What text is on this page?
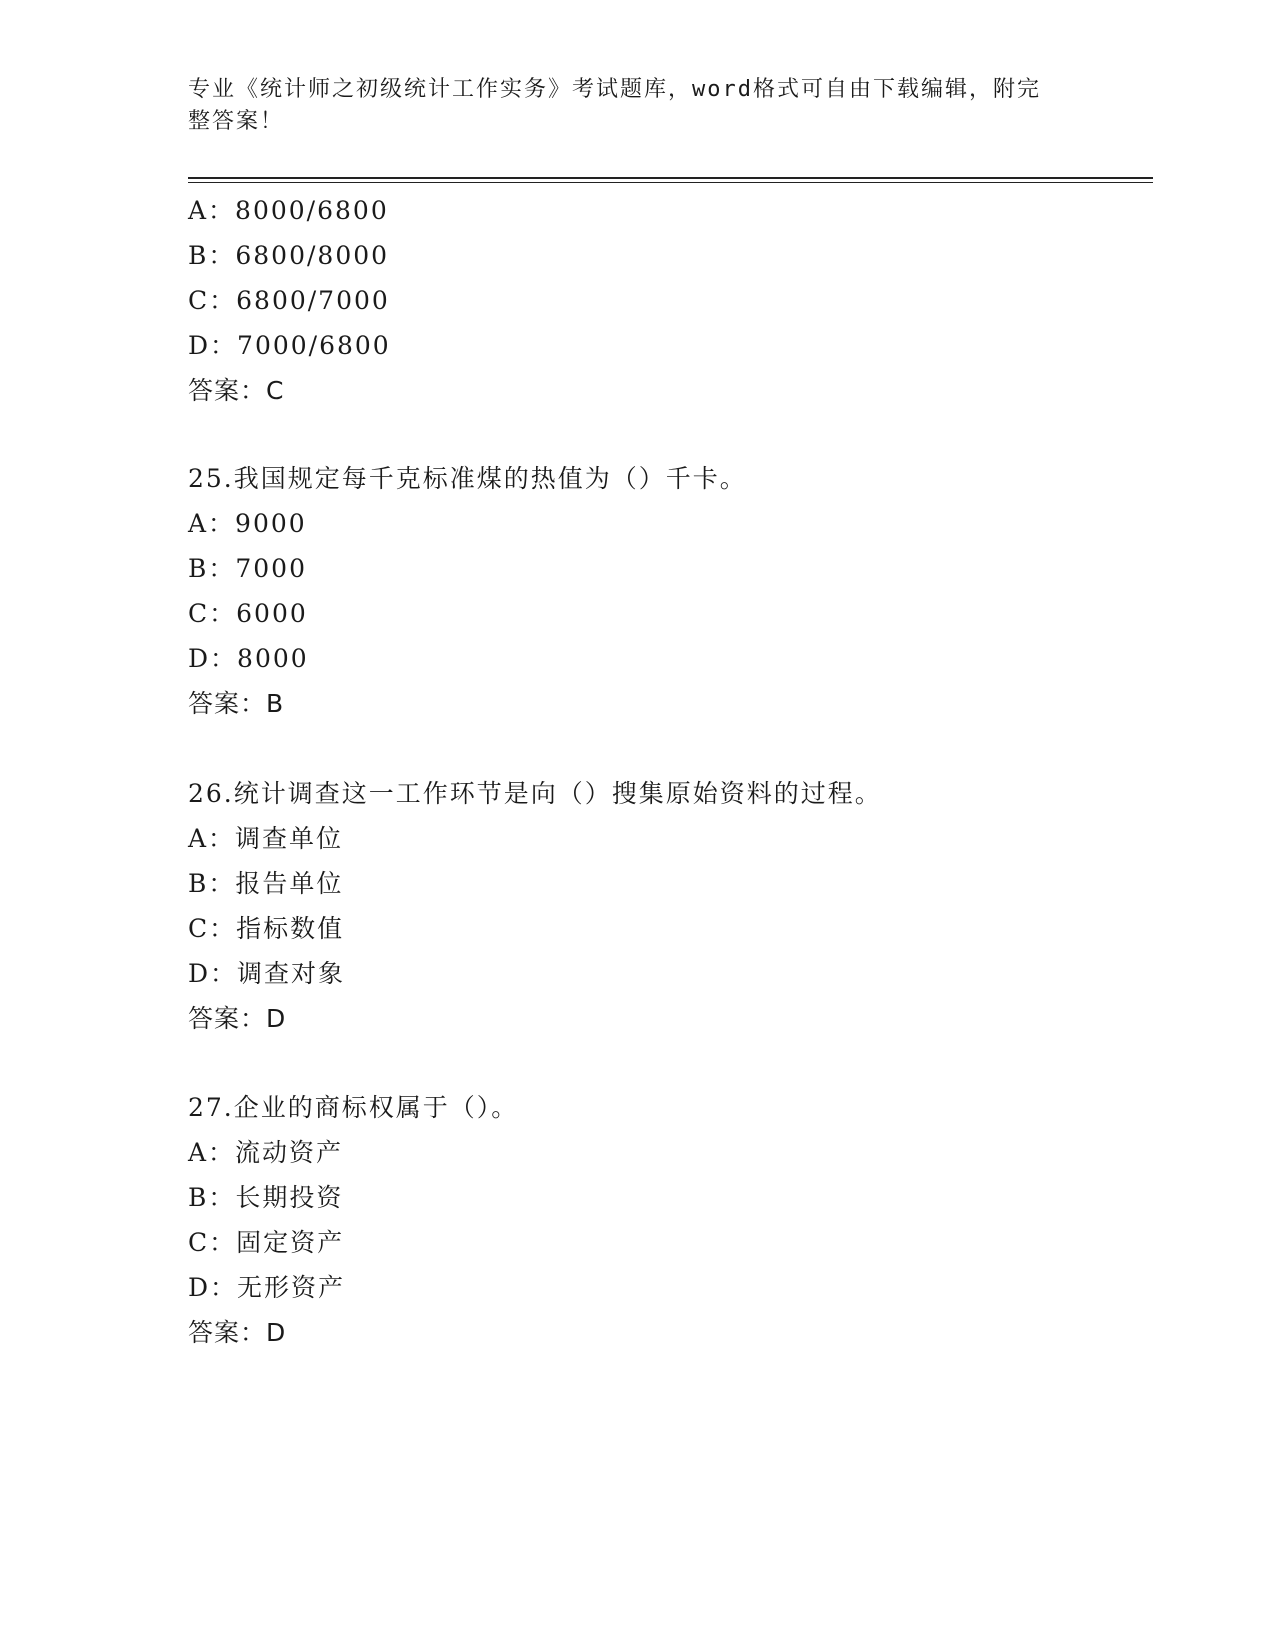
专业《统计师之初级统计工作实务》考试题库，word格式可自由下载编辑，附完
整答案！
A：8000/6800
B：6800/8000
C：6800/7000
D：7000/6800
答案：C
25.我国规定每千克标准煤的热值为（）千卡。
A：9000
B：7000
C：6000
D：8000
答案：B
26.统计调查这一工作环节是向（）搜集原始资料的过程。
A：调查单位
B：报告单位
C：指标数值
D：调查对象
答案：D
27.企业的商标权属于（）。
A：流动资产
B：长期投资
C：固定资产
D：无形资产
答案：D
